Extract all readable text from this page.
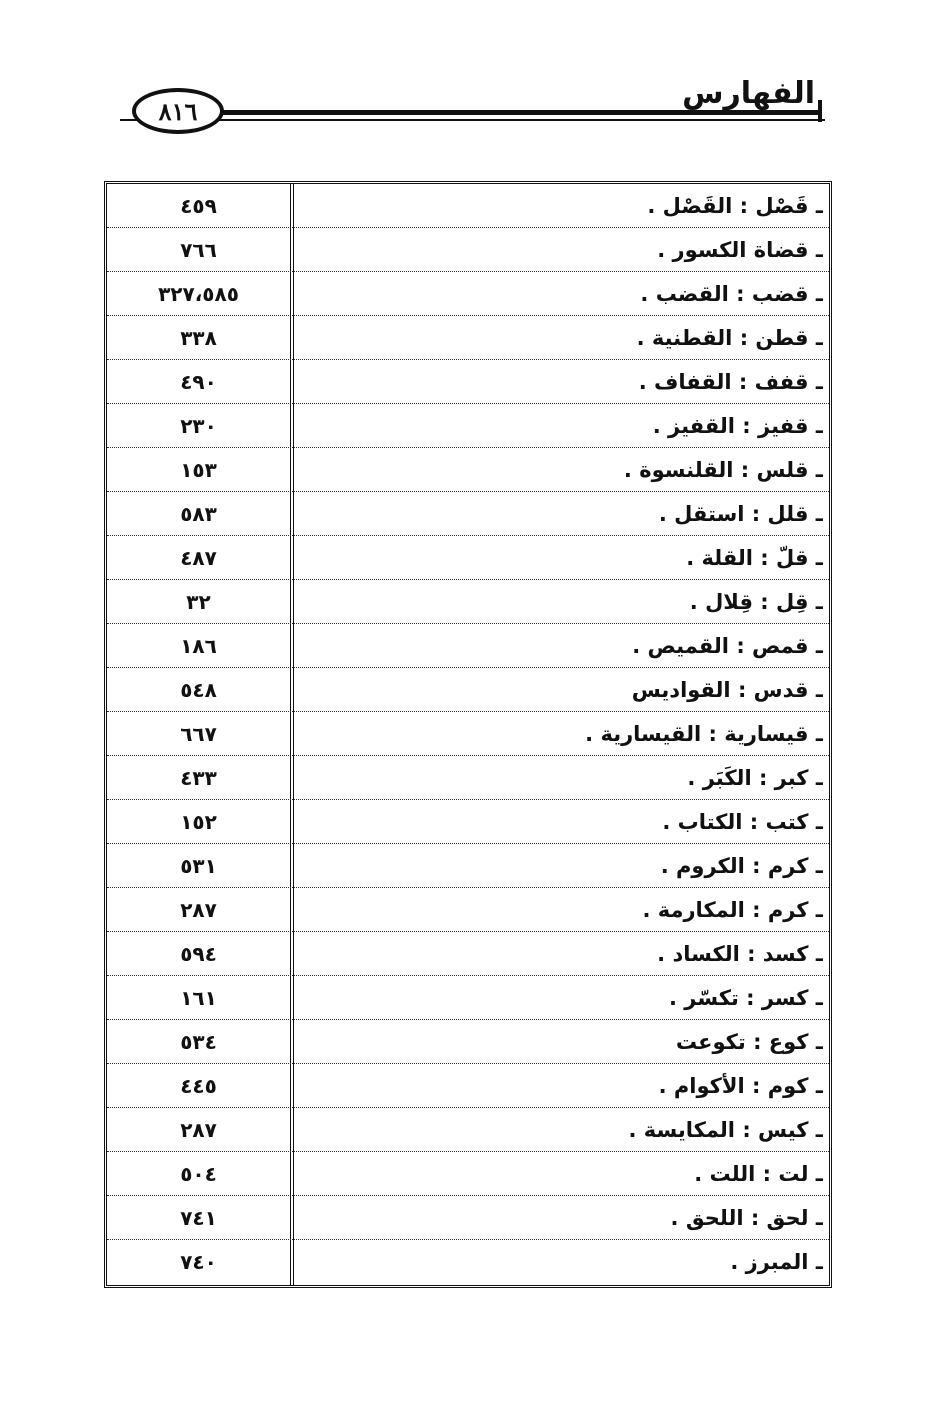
٨١٦	الفهارس
ـ قَصْل : القَصْل .
٤٥٩
ـ قضاة الكسور .
٧٦٦
ـ قضب : القضب .
٣٢٧،٥٨٥
ـ قطن : القطنية .
٣٣٨
ـ قفف : القفاف .
٤٩٠
ـ قفيز : القفيز .
٢٣٠
ـ قلس : القلنسوة .
١٥٣
ـ قلل : استقل .
٥٨٣
ـ قلّ : القلة .
٤٨٧
ـ قِل : قِلال .
٣٢
ـ قمص : القميص .
١٨٦
ـ قدس : القواديس
٥٤٨
ـ قيسارية : القيسارية .
٦٦٧
ـ كبر : الكَبَر .
٤٣٣
ـ كتب : الكتاب .
١٥٢
ـ كرم : الكروم .
٥٣١
ـ كرم : المكارمة .
٢٨٧
ـ كسد : الكساد .
٥٩٤
ـ كسر : تكسّر .
١٦١
ـ كوع : تكوعت
٥٣٤
ـ كوم : الأكوام .
٤٤٥
ـ كيس : المكايسة .
٢٨٧
ـ لت : اللت .
٥٠٤
ـ لحق : اللحق .
٧٤١
ـ المبرز .
٧٤٠
